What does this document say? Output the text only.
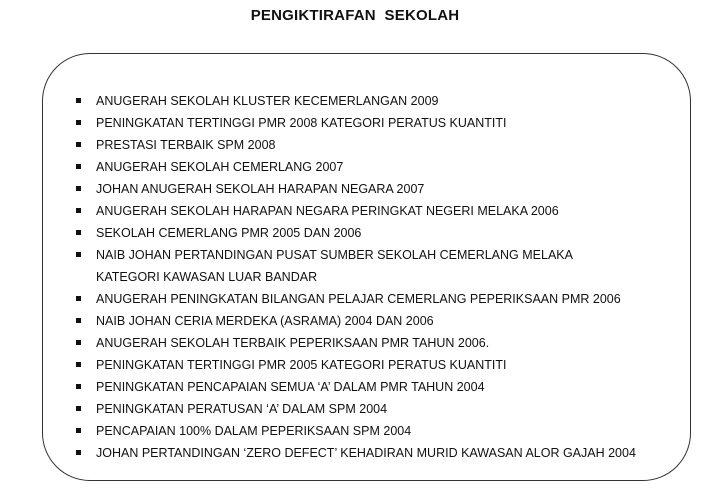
PENGIKTIRAFAN  SEKOLAH
ANUGERAH SEKOLAH KLUSTER KECEMERLANGAN 2009
PENINGKATAN TERTINGGI PMR 2008 KATEGORI PERATUS KUANTITI
PRESTASI TERBAIK SPM 2008
ANUGERAH SEKOLAH CEMERLANG 2007
JOHAN ANUGERAH SEKOLAH HARAPAN NEGARA 2007
ANUGERAH SEKOLAH HARAPAN NEGARA PERINGKAT NEGERI MELAKA 2006
SEKOLAH CEMERLANG PMR 2005 DAN 2006
NAIB JOHAN PERTANDINGAN PUSAT SUMBER SEKOLAH CEMERLANG MELAKA
KATEGORI KAWASAN LUAR BANDAR
ANUGERAH PENINGKATAN BILANGAN PELAJAR CEMERLANG PEPERIKSAAN PMR 2006
NAIB JOHAN CERIA MERDEKA (ASRAMA) 2004 DAN 2006
ANUGERAH SEKOLAH TERBAIK PEPERIKSAAN PMR TAHUN 2006.
PENINGKATAN TERTINGGI PMR 2005 KATEGORI PERATUS KUANTITI
PENINGKATAN PENCAPAIAN SEMUA ‘A’ DALAM PMR TAHUN 2004
PENINGKATAN PERATUSAN ‘A’ DALAM SPM 2004
PENCAPAIAN 100% DALAM PEPERIKSAAN SPM 2004
JOHAN PERTANDINGAN ‘ZERO DEFECT’ KEHADIRAN MURID KAWASAN ALOR GAJAH 2004
